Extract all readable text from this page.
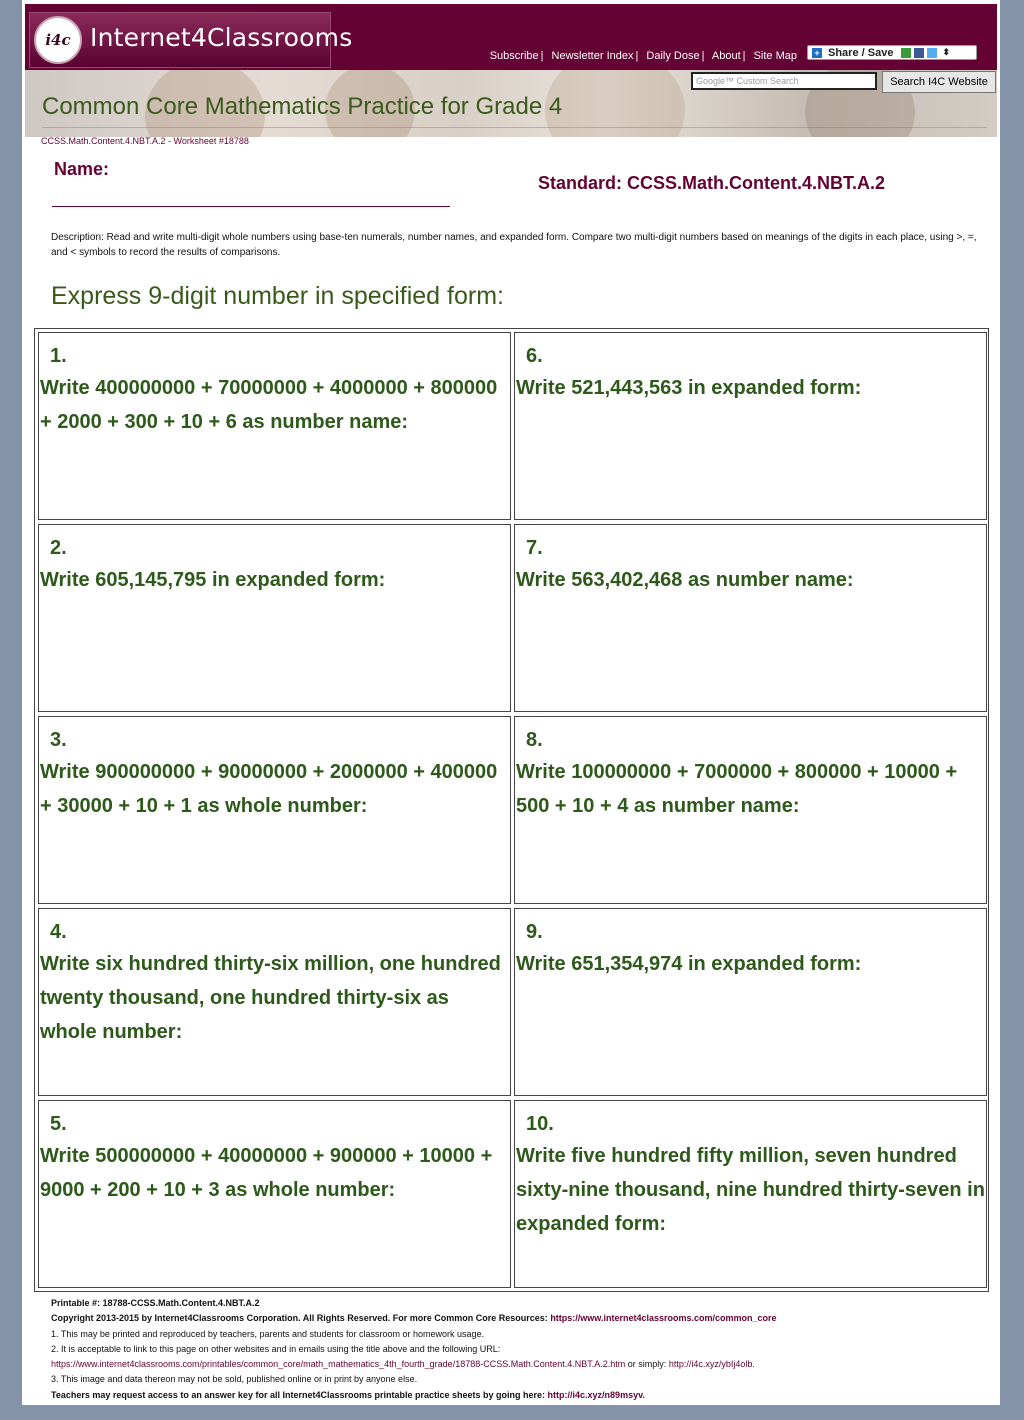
i4c Internet4Classrooms
Subscribe | Newsletter Index | Daily Dose | About | Site Map + Share / Save	⬍
Google™ Custom Search	Search I4C Website
Common Core Mathematics Practice for Grade 4
CCSS.Math.Content.4.NBT.A.2 - Worksheet #18788
Name:
Standard: CCSS.Math.Content.4.NBT.A.2
Description: Read and write multi-digit whole numbers using base-ten numerals, number names, and expanded form. Compare two multi-digit numbers based on meanings of the digits in each place, using >, =, and < symbols to record the results of comparisons.
Express 9-digit number in specified form:
1.
Write 400000000 + 70000000 + 4000000 + 800000 + 2000 + 300 + 10 + 6 as number name:
2.
Write 605,145,795 in expanded form:
3.
Write 900000000 + 90000000 + 2000000 + 400000 + 30000 + 10 + 1 as whole number:
4.
Write six hundred thirty-six million, one hundred twenty thousand, one hundred thirty-six as whole number:
5.
Write 500000000 + 40000000 + 900000 + 10000 + 9000 + 200 + 10 + 3 as whole number:
6.
Write 521,443,563 in expanded form:
7.
Write 563,402,468 as number name:
8.
Write 100000000 + 7000000 + 800000 + 10000 + 500 + 10 + 4 as number name:
9.
Write 651,354,974 in expanded form:
10.
Write five hundred fifty million, seven hundred sixty-nine thousand, nine hundred thirty-seven in expanded form:
Printable #: 18788-CCSS.Math.Content.4.NBT.A.2
Copyright 2013-2015 by Internet4Classrooms Corporation. All Rights Reserved. For more Common Core Resources: https://www.internet4classrooms.com/common_core
1. This may be printed and reproduced by teachers, parents and students for classroom or homework usage.
2. It is acceptable to link to this page on other websites and in emails using the title above and the following URL:
https://www.internet4classrooms.com/printables/common_core/math_mathematics_4th_fourth_grade/18788-CCSS.Math.Content.4.NBT.A.2.htm or simply: http://i4c.xyz/ybIj4olb.
3. This image and data thereon may not be sold, published online or in print by anyone else.
Teachers may request access to an answer key for all Internet4Classrooms printable practice sheets by going here: http://i4c.xyz/n89msyv.
